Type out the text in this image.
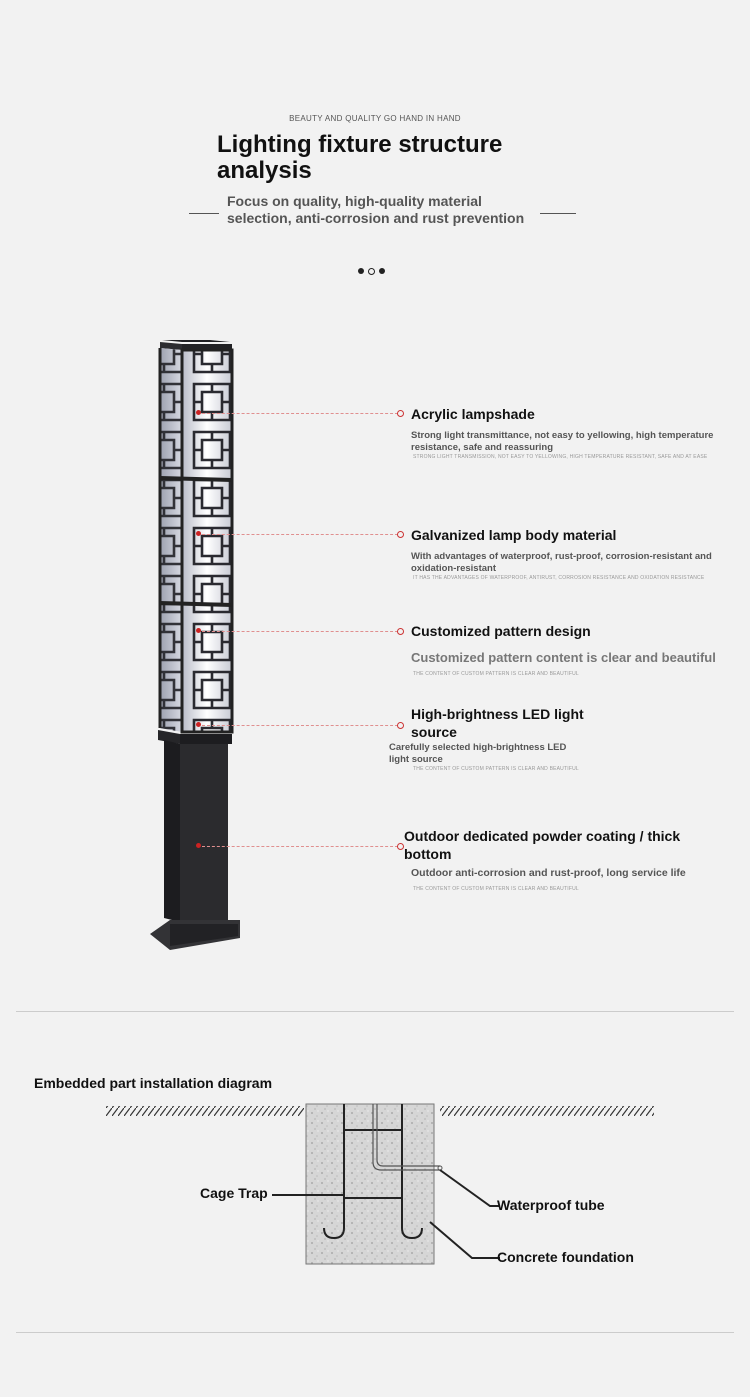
BEAUTY AND QUALITY GO HAND IN HAND
Lighting fixture structure analysis
Focus on quality, high-quality material selection, anti-corrosion and rust prevention
Acrylic lampshade
Strong light transmittance, not easy to yellowing, high temperature resistance, safe and reassuring
STRONG LIGHT TRANSMISSION, NOT EASY TO YELLOWING, HIGH TEMPERATURE RESISTANT, SAFE AND AT EASE
Galvanized lamp body material
With advantages of waterproof, rust-proof, corrosion-resistant and oxidation-resistant
IT HAS THE ADVANTAGES OF WATERPROOF, ANTIRUST, CORROSION RESISTANCE AND OXIDATION RESISTANCE
Customized pattern design
Customized pattern content is clear and beautiful
THE CONTENT OF CUSTOM PATTERN IS CLEAR AND BEAUTIFUL
High-brightness LED light source
Carefully selected high-brightness LED light source
THE CONTENT OF CUSTOM PATTERN IS CLEAR AND BEAUTIFUL
Outdoor dedicated powder coating / thick bottom
Outdoor anti-corrosion and rust-proof, long service life
THE CONTENT OF CUSTOM PATTERN IS CLEAR AND BEAUTIFUL
Embedded part installation diagram
Cage Trap
Waterproof tube
Concrete foundation
